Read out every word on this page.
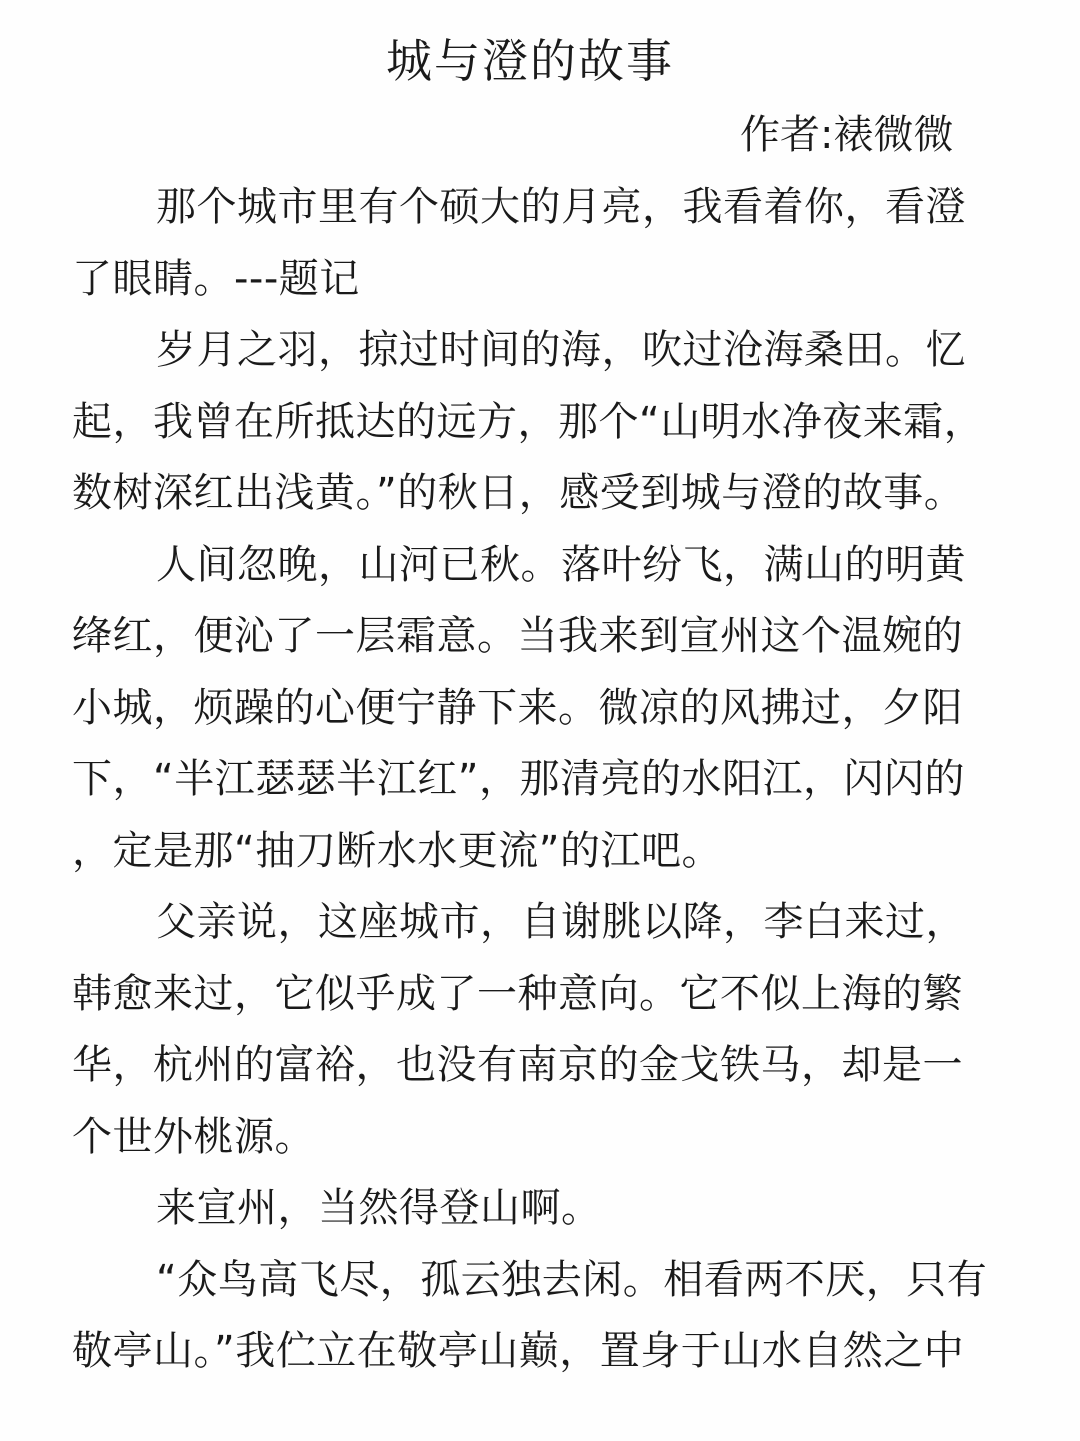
城与澄的故事
作者:裱微微
那个城市里有个硕大的月亮，我看着你，看澄
了眼睛。---题记
岁月之羽，掠过时间的海，吹过沧海桑田。忆
起，我曾在所抵达的远方，那个“山明水净夜来霜，
数树深红出浅黄。”的秋日，感受到城与澄的故事。
人间忽晚，山河已秋。落叶纷飞，满山的明黄
绛红，便沁了一层霜意。当我来到宣州这个温婉的
小城，烦躁的心便宁静下来。微凉的风拂过，夕阳
下，“半江瑟瑟半江红”，那清亮的水阳江，闪闪的
，定是那“抽刀断水水更流”的江吧。
父亲说，这座城市，自谢朓以降，李白来过，
韩愈来过，它似乎成了一种意向。它不似上海的繁
华，杭州的富裕，也没有南京的金戈铁马，却是一
个世外桃源。
来宣州，当然得登山啊。
“众鸟高飞尽，孤云独去闲。相看两不厌，只有
敬亭山。”我伫立在敬亭山巅，置身于山水自然之中
